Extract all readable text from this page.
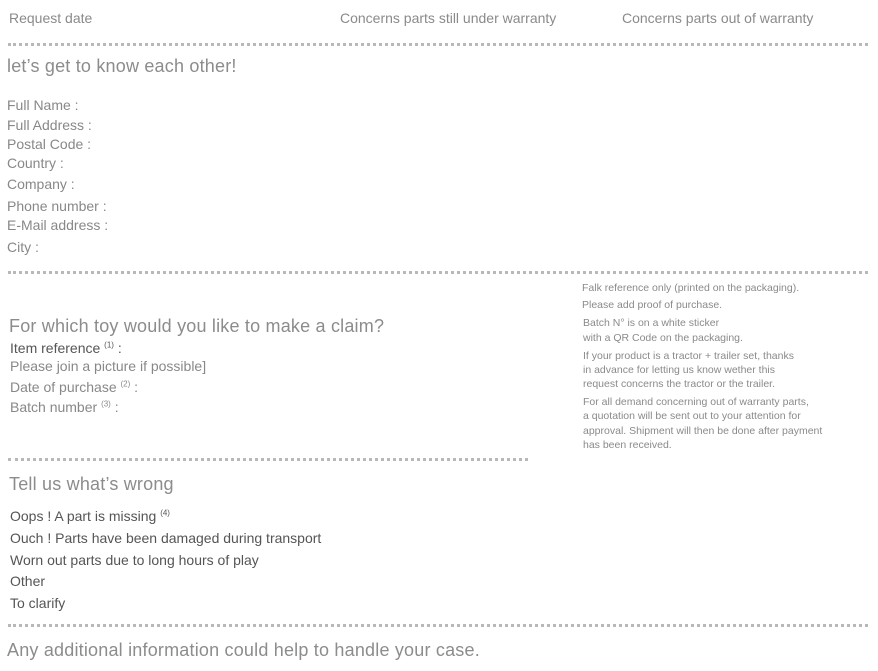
Request date	Concerns parts still under warranty	Concerns parts out of warranty
let’s get to know each other!
Full Name :
Full Address :
Postal Code :
Country :
Company :
Phone number :
E-Mail address :
City :
For which toy would you like to make a claim?
Item reference $^{(1)}$ :
Please join a picture if possible]
Date of purchase $^{(2)}$ :
Batch number $^{(3)}$ :
Falk reference only (printed on the packaging).
Please add proof of purchase.
Batch N° is on a white sticker
with a QR Code on the packaging.
If your product is a tractor + trailer set, thanks
in advance for letting us know wether this
request concerns the tractor or the trailer.
For all demand concerning out of warranty parts,
a quotation will be sent out to your attention for
approval. Shipment will then be done after payment
has been received.
Tell us what’s wrong
Oops ! A part is missing $^{(4)}$
Ouch ! Parts have been damaged during transport
Worn out parts due to long hours of play
Other
To clarify
Any additional information could help to handle your case.
